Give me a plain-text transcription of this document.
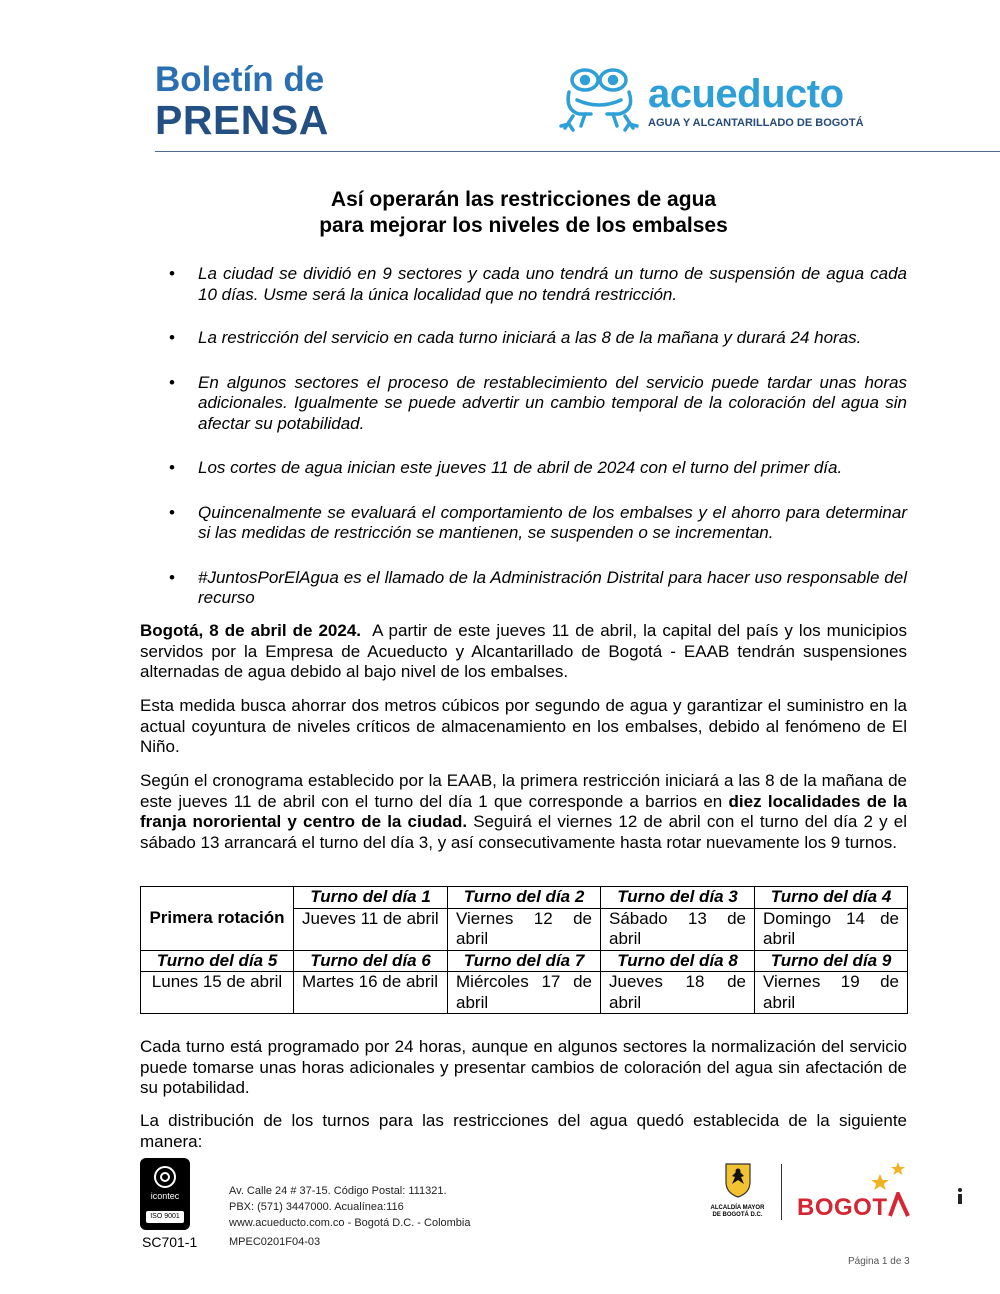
Boletín de
PRENSA
acueducto
AGUA Y ALCANTARILLADO DE BOGOTÁ
Así operarán las restricciones de agua
para mejorar los niveles de los embalses
• La ciudad se dividió en 9 sectores y cada uno tendrá un turno de suspensión de agua cada 10 días. Usme será la única localidad que no tendrá restricción.
• La restricción del servicio en cada turno iniciará a las 8 de la mañana y durará 24 horas.
• En algunos sectores el proceso de restablecimiento del servicio puede tardar unas horas adicionales. Igualmente se puede advertir un cambio temporal de la coloración del agua sin afectar su potabilidad.
• Los cortes de agua inician este jueves 11 de abril de 2024 con el turno del primer día.
• Quincenalmente se evaluará el comportamiento de los embalses y el ahorro para determinar si las medidas de restricción se mantienen, se suspenden o se incrementan.
• #JuntosPorElAgua es el llamado de la Administración Distrital para hacer uso responsable del recurso

Bogotá, 8 de abril de 2024.  A partir de este jueves 11 de abril, la capital del país y los municipios servidos por la Empresa de Acueducto y Alcantarillado de Bogotá - EAAB tendrán suspensiones alternadas de agua debido al bajo nivel de los embalses.

Esta medida busca ahorrar dos metros cúbicos por segundo de agua y garantizar el suministro en la actual coyuntura de niveles críticos de almacenamiento en los embalses, debido al fenómeno de El Niño.

Según el cronograma establecido por la EAAB, la primera restricción iniciará a las 8 de la mañana de este jueves 11 de abril con el turno del día 1 que corresponde a barrios en diez localidades de la franja nororiental y centro de la ciudad. Seguirá el viernes 12 de abril con el turno del día 2 y el sábado 13 arrancará el turno del día 3, y así consecutivamente hasta rotar nuevamente los 9 turnos.

Primera rotación	Turno del día 1	Turno del día 2	Turno del día 3	Turno del día 4
	Jueves 11 de abril	Viernes 12 de abril	Sábado 13 de abril	Domingo 14 de abril
Turno del día 5	Turno del día 6	Turno del día 7	Turno del día 8	Turno del día 9
Lunes 15 de abril	Martes 16 de abril	Miércoles 17 de abril	Jueves 18 de abril	Viernes 19 de abril

Cada turno está programado por 24 horas, aunque en algunos sectores la normalización del servicio puede tomarse unas horas adicionales y presentar cambios de coloración del agua sin afectación de su potabilidad.

La distribución de los turnos para las restricciones del agua quedó establecida de la siguiente manera:

icontec
ISO 9001
SC701-1
Av. Calle 24 # 37-15. Código Postal: 111321.
PBX: (571) 3447000. Acualínea:116
www.acueducto.com.co - Bogotá D.C. - Colombia
MPEC0201F04-03
ALCALDÍA MAYOR
DE BOGOTÁ D.C.	BOGOT
Página 1 de 3
